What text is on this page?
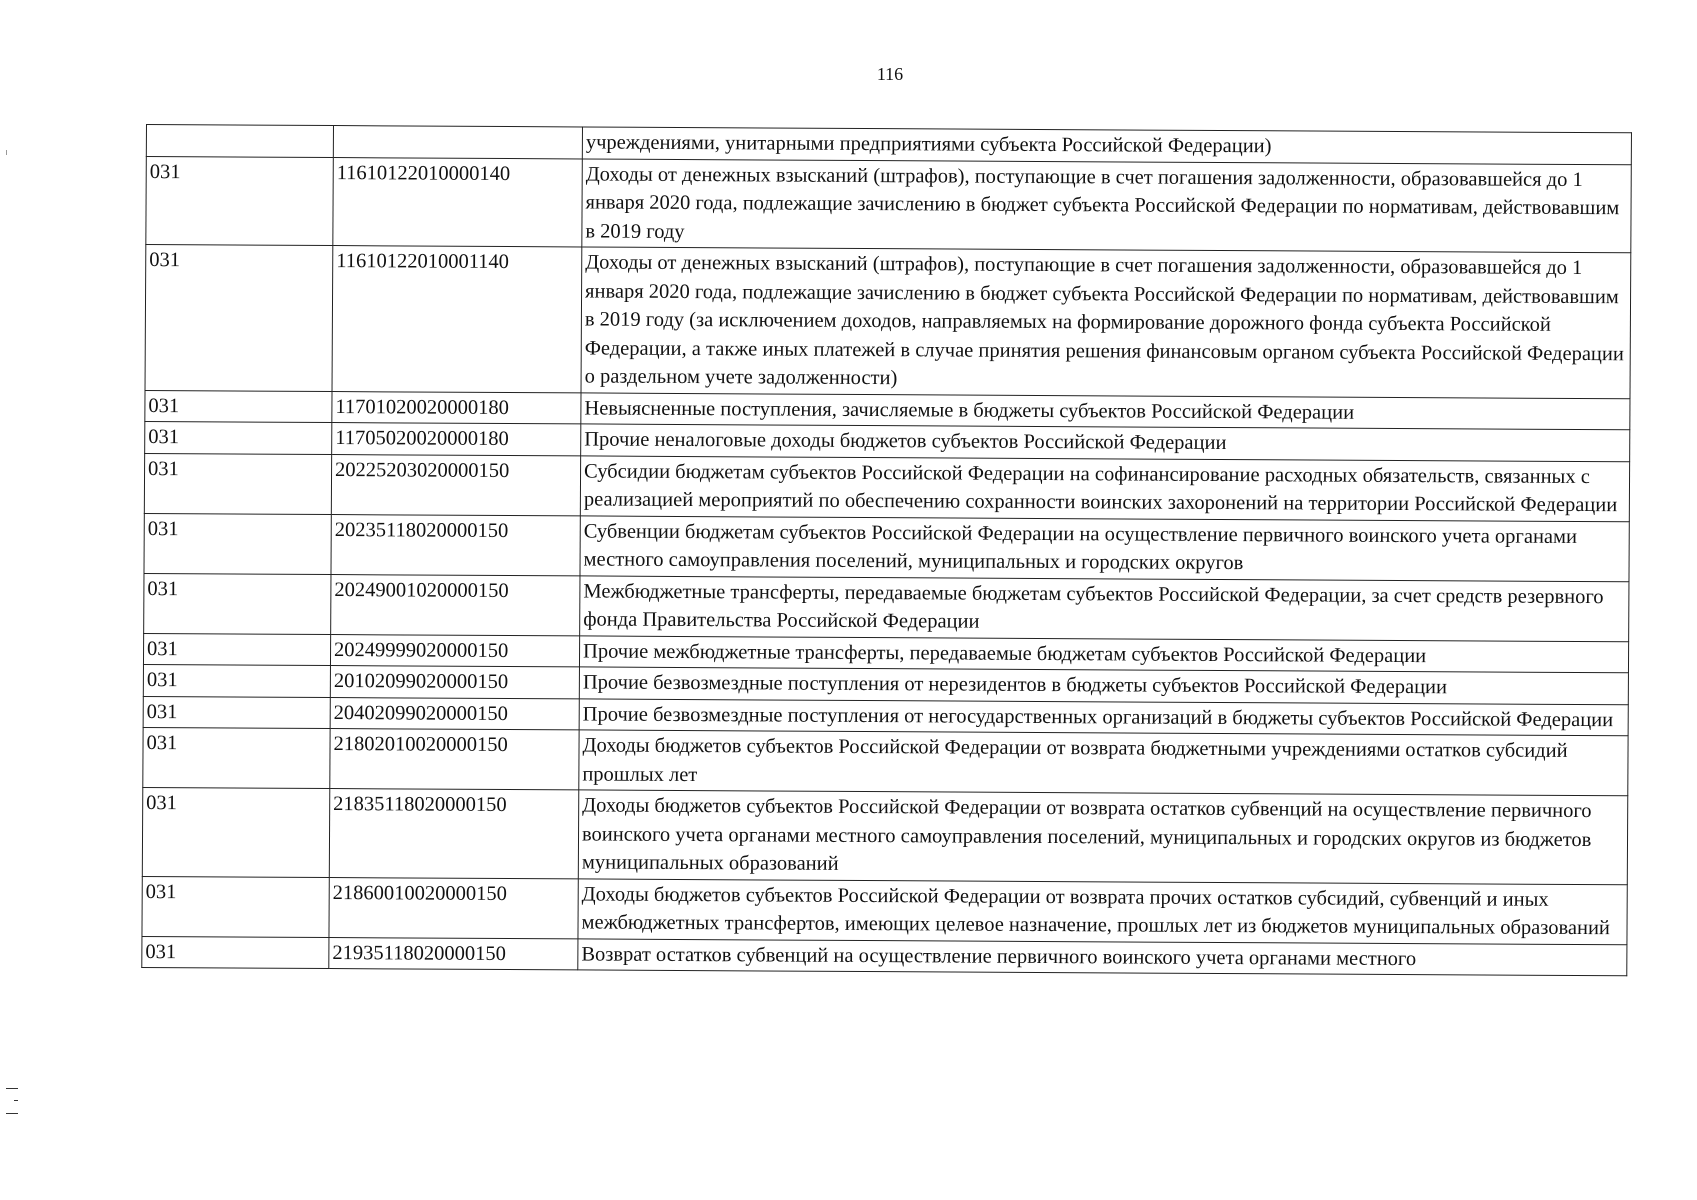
116
		учреждениями, унитарными предприятиями субъекта Российской Федерации)
031	11610122010000140	Доходы от денежных взысканий (штрафов), поступающие в счет погашения задолженности, образовавшейся до 1 января 2020 года, подлежащие зачислению в бюджет субъекта Российской Федерации по нормативам, действовавшим в 2019 году
031	11610122010001140	Доходы от денежных взысканий (штрафов), поступающие в счет погашения задолженности, образовавшейся до 1 января 2020 года, подлежащие зачислению в бюджет субъекта Российской Федерации по нормативам, действовавшим в 2019 году (за исключением доходов, направляемых на формирование дорожного фонда субъекта Российской Федерации, а также иных платежей в случае принятия решения финансовым органом субъекта Российской Федерации о раздельном учете задолженности)
031	11701020020000180	Невыясненные поступления, зачисляемые в бюджеты субъектов Российской Федерации
031	11705020020000180	Прочие неналоговые доходы бюджетов субъектов Российской Федерации
031	20225203020000150	Субсидии бюджетам субъектов Российской Федерации на софинансирование расходных обязательств, связанных с реализацией мероприятий по обеспечению сохранности воинских захоронений на территории Российской Федерации
031	20235118020000150	Субвенции бюджетам субъектов Российской Федерации на осуществление первичного воинского учета органами местного самоуправления поселений, муниципальных и городских округов
031	20249001020000150	Межбюджетные трансферты, передаваемые бюджетам субъектов Российской Федерации, за счет средств резервного фонда Правительства Российской Федерации
031	20249999020000150	Прочие межбюджетные трансферты, передаваемые бюджетам субъектов Российской Федерации
031	20102099020000150	Прочие безвозмездные поступления от нерезидентов в бюджеты субъектов Российской Федерации
031	20402099020000150	Прочие безвозмездные поступления от негосударственных организаций в бюджеты субъектов Российской Федерации
031	21802010020000150	Доходы бюджетов субъектов Российской Федерации от возврата бюджетными учреждениями остатков субсидий прошлых лет
031	21835118020000150	Доходы бюджетов субъектов Российской Федерации от возврата остатков субвенций на осуществление первичного воинского учета органами местного самоуправления поселений, муниципальных и городских округов из бюджетов муниципальных образований
031	21860010020000150	Доходы бюджетов субъектов Российской Федерации от возврата прочих остатков субсидий, субвенций и иных межбюджетных трансфертов, имеющих целевое назначение, прошлых лет из бюджетов муниципальных образований
031	21935118020000150	Возврат остатков субвенций на осуществление первичного воинского учета органами местного
